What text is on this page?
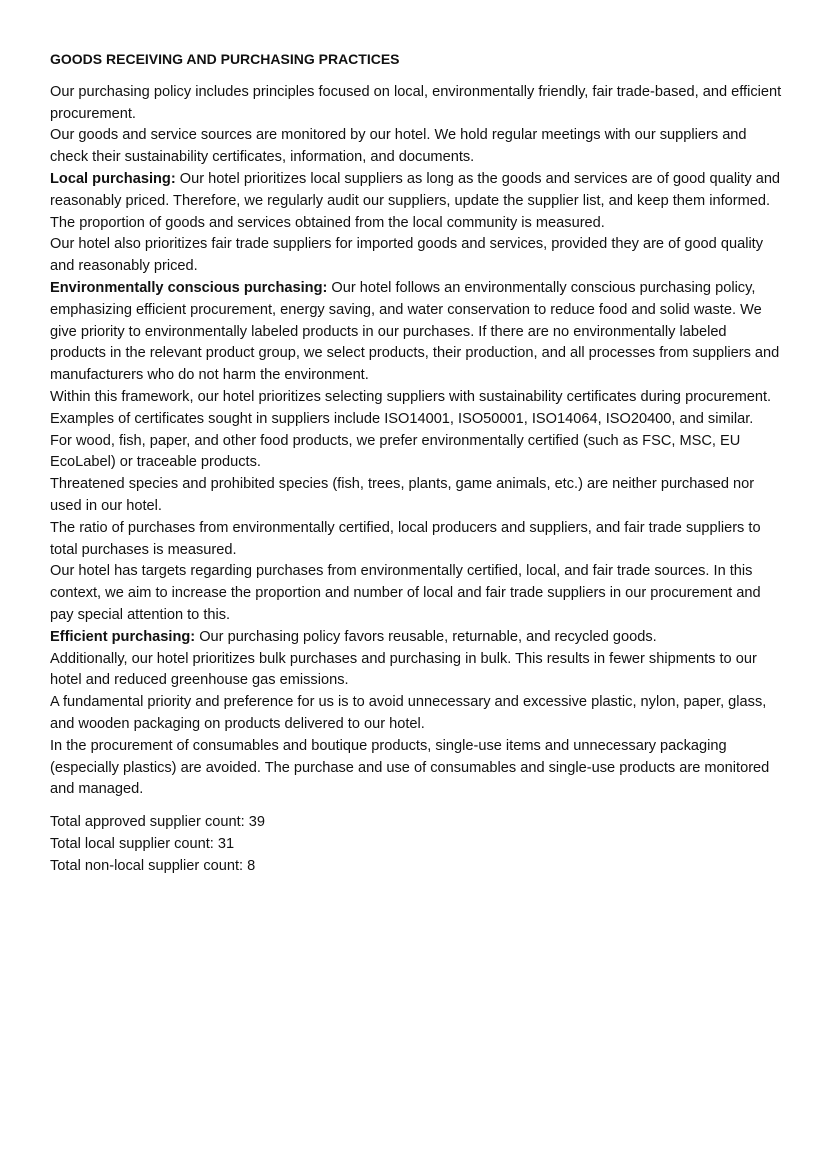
GOODS RECEIVING AND PURCHASING PRACTICES

Our purchasing policy includes principles focused on local, environmentally friendly, fair trade-based, and efficient procurement.

Our goods and service sources are monitored by our hotel. We hold regular meetings with our suppliers and check their sustainability certificates, information, and documents.

Local purchasing: Our hotel prioritizes local suppliers as long as the goods and services are of good quality and reasonably priced. Therefore, we regularly audit our suppliers, update the supplier list, and keep them informed. The proportion of goods and services obtained from the local community is measured.

Our hotel also prioritizes fair trade suppliers for imported goods and services, provided they are of good quality and reasonably priced.

Environmentally conscious purchasing: Our hotel follows an environmentally conscious purchasing policy, emphasizing efficient procurement, energy saving, and water conservation to reduce food and solid waste. We give priority to environmentally labeled products in our purchases. If there are no environmentally labeled products in the relevant product group, we select products, their production, and all processes from suppliers and manufacturers who do not harm the environment.

Within this framework, our hotel prioritizes selecting suppliers with sustainability certificates during procurement. Examples of certificates sought in suppliers include ISO14001, ISO50001, ISO14064, ISO20400, and similar.

For wood, fish, paper, and other food products, we prefer environmentally certified (such as FSC, MSC, EU EcoLabel) or traceable products.

Threatened species and prohibited species (fish, trees, plants, game animals, etc.) are neither purchased nor used in our hotel.

The ratio of purchases from environmentally certified, local producers and suppliers, and fair trade suppliers to total purchases is measured.

Our hotel has targets regarding purchases from environmentally certified, local, and fair trade sources. In this context, we aim to increase the proportion and number of local and fair trade suppliers in our procurement and pay special attention to this.

Efficient purchasing: Our purchasing policy favors reusable, returnable, and recycled goods.

Additionally, our hotel prioritizes bulk purchases and purchasing in bulk. This results in fewer shipments to our hotel and reduced greenhouse gas emissions.

A fundamental priority and preference for us is to avoid unnecessary and excessive plastic, nylon, paper, glass, and wooden packaging on products delivered to our hotel.

In the procurement of consumables and boutique products, single-use items and unnecessary packaging (especially plastics) are avoided. The purchase and use of consumables and single-use products are monitored and managed.

Total approved supplier count: 39

Total local supplier count: 31

Total non-local supplier count: 8
